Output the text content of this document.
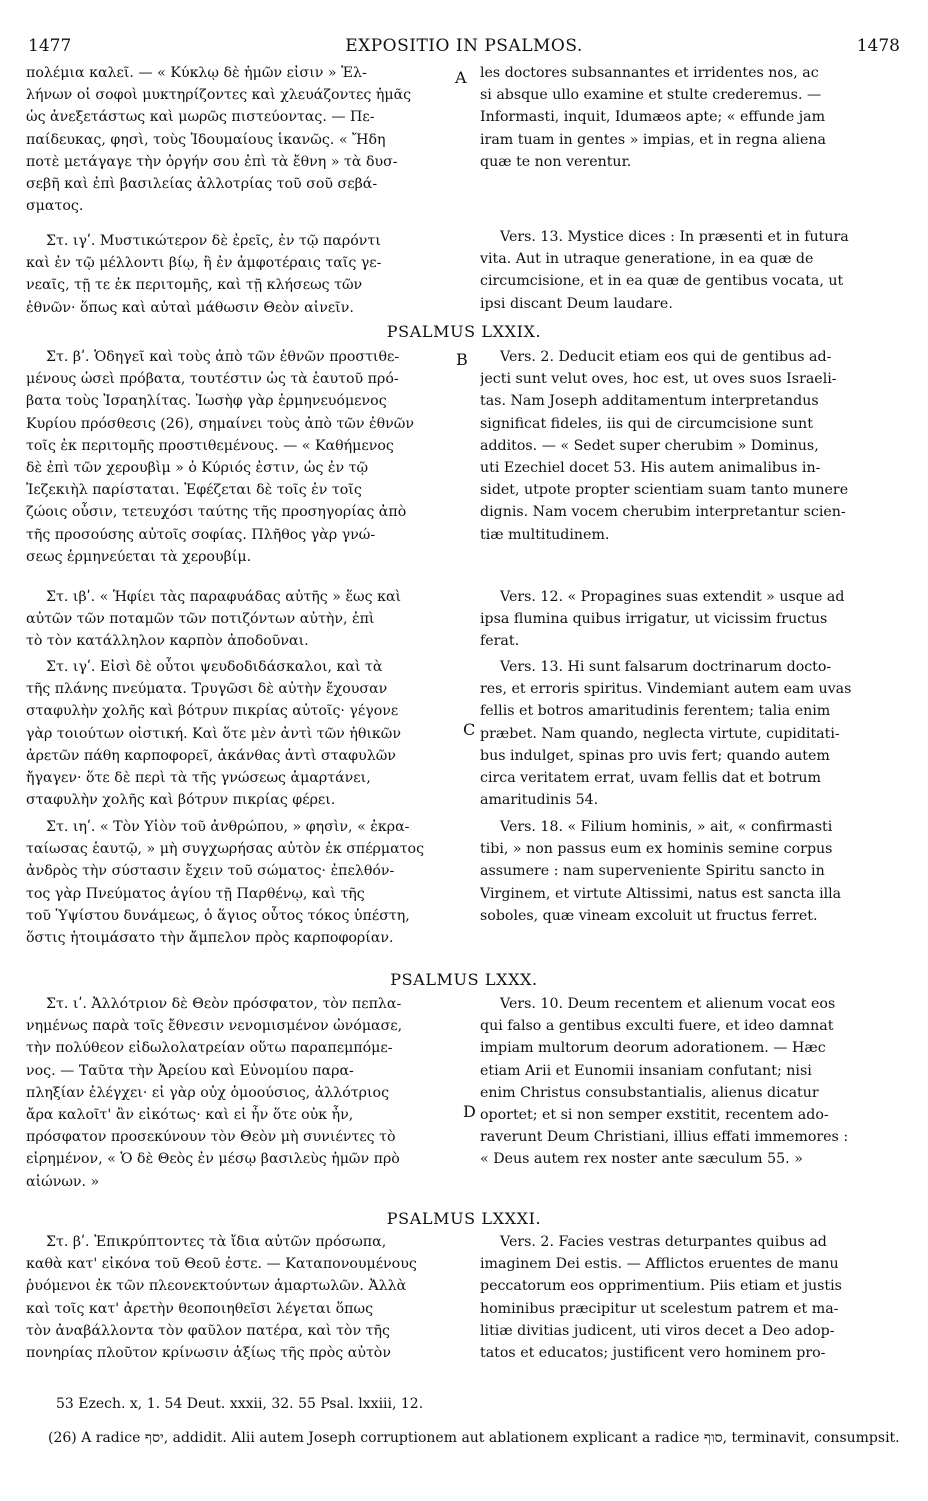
1477	EXPOSITIO IN PSALMOS.	1478
A
B
C
D
PSALMUS LXXIX.
PSALMUS LXXX.
PSALMUS LXXXI.
πολέμια καλεῖ. — « Κύκλῳ δὲ ἡμῶν εἰσιν » Ἑλ-
λήνων οἱ σοφοὶ μυκτηρίζοντες καὶ χλευάζοντες ἡμᾶς
ὡς ἀνεξετάστως καὶ μωρῶς πιστεύοντας. — Πε-
παίδευκας, φησὶ, τοὺς Ἰδουμαίους ἱκανῶς. « Ἤδη
ποτὲ μετάγαγε τὴν ὀργήν σου ἐπὶ τὰ ἔθνη » τὰ δυσ-
σεβῆ καὶ ἐπὶ βασιλείας ἀλλοτρίας τοῦ σοῦ σεβά-
σματος.
Στ. ιγʹ. Μυστικώτερον δὲ ἐρεῖς, ἐν τῷ παρόντι
καὶ ἐν τῷ μέλλοντι βίῳ, ἢ ἐν ἀμφοτέραις ταῖς γε-
νεαῖς, τῇ τε ἐκ περιτομῆς, καὶ τῇ κλήσεως τῶν
ἐθνῶν· ὅπως καὶ αὐταὶ μάθωσιν Θεὸν αἰνεῖν.
Στ. βʹ. Ὁδηγεῖ καὶ τοὺς ἀπὸ τῶν ἐθνῶν προστιθε-
μένους ὡσεὶ πρόβατα, τουτέστιν ὡς τὰ ἑαυτοῦ πρό-
βατα τοὺς Ἰσραηλίτας. Ἰωσὴφ γὰρ ἑρμηνευόμενος
Κυρίου πρόσθεσις (26), σημαίνει τοὺς ἀπὸ τῶν ἐθνῶν
τοῖς ἐκ περιτομῆς προστιθεμένους. — « Καθήμενος
δὲ ἐπὶ τῶν χερουβὶμ » ὁ Κύριός ἐστιν, ὡς ἐν τῷ
Ἰεζεκιὴλ παρίσταται. Ἐφέζεται δὲ τοῖς ἐν τοῖς
ζώοις οὖσιν, τετευχόσι ταύτης τῆς προσηγορίας ἀπὸ
τῆς προσούσης αὐτοῖς σοφίας. Πλῆθος γὰρ γνώ-
σεως ἑρμηνεύεται τὰ χερουβίμ.
Στ. ιβʹ. « Ἡφίει τὰς παραφυάδας αὐτῆς » ἕως καὶ
αὐτῶν τῶν ποταμῶν τῶν ποτιζόντων αὐτὴν, ἐπὶ
τὸ τὸν κατάλληλον καρπὸν ἀποδοῦναι.
Στ. ιγʹ. Εἰσὶ δὲ οὗτοι ψευδοδιδάσκαλοι, καὶ τὰ
τῆς πλάνης πνεύματα. Τρυγῶσι δὲ αὐτὴν ἔχουσαν
σταφυλὴν χολῆς καὶ βότρυν πικρίας αὐτοῖς· γέγονε
γὰρ τοιούτων οἰστική. Καὶ ὅτε μὲν ἀντὶ τῶν ἠθικῶν
ἀρετῶν πάθη καρποφορεῖ, ἀκάνθας ἀντὶ σταφυλῶν
ἤγαγεν· ὅτε δὲ περὶ τὰ τῆς γνώσεως ἁμαρτάνει,
σταφυλὴν χολῆς καὶ βότρυν πικρίας φέρει.
Στ. ιηʹ. « Τὸν Υἱὸν τοῦ ἀνθρώπου, » φησὶν, « ἐκρα-
ταίωσας ἑαυτῷ, » μὴ συγχωρήσας αὐτὸν ἐκ σπέρματος
ἀνδρὸς τὴν σύστασιν ἔχειν τοῦ σώματος· ἐπελθόν-
τος γὰρ Πνεύματος ἁγίου τῇ Παρθένῳ, καὶ τῆς
τοῦ Ὑψίστου δυνάμεως, ὁ ἅγιος οὗτος τόκος ὑπέστη,
ὅστις ἡτοιμάσατο τὴν ἄμπελον πρὸς καρποφορίαν.
Στ. ιʹ. Ἀλλότριον δὲ Θεὸν πρόσφατον, τὸν πεπλα-
νημένως παρὰ τοῖς ἔθνεσιν νενομισμένον ὠνόμασε,
τὴν πολύθεον εἰδωλολατρείαν οὕτω παραπεμπόμε-
νος. — Ταῦτα τὴν Ἀρείου καὶ Εὐνομίου παρα-
πληξίαν ἐλέγχει· εἰ γὰρ οὐχ ὁμοούσιος, ἀλλότριος
ἄρα καλοῖτ' ἂν εἰκότως· καὶ εἰ ἦν ὅτε οὐκ ἦν,
πρόσφατον προσεκύνουν τὸν Θεὸν μὴ συνιέντες τὸ
εἰρημένον, « Ὁ δὲ Θεὸς ἐν μέσῳ βασιλεὺς ἡμῶν πρὸ
αἰώνων. »
Στ. βʹ. Ἐπικρύπτοντες τὰ ἴδια αὐτῶν πρόσωπα,
καθὰ κατ' εἰκόνα τοῦ Θεοῦ ἐστε. — Καταπονουμένους
ῥυόμενοι ἐκ τῶν πλεονεκτούντων ἁμαρτωλῶν. Ἀλλὰ
καὶ τοῖς κατ' ἀρετὴν θεοποιηθεῖσι λέγεται ὅπως
τὸν ἀναβάλλοντα τὸν φαῦλον πατέρα, καὶ τὸν τῆς
πονηρίας πλοῦτον κρίνωσιν ἀξίως τῆς πρὸς αὐτὸν
les doctores subsannantes et irridentes nos, ac
si absque ullo examine et stulte crederemus. —
Informasti, inquit, Idumæos apte; « effunde jam
iram tuam in gentes » impias, et in regna aliena
quæ te non verentur.
Vers. 13. Mystice dices : In præsenti et in futura
vita. Aut in utraque generatione, in ea quæ de
circumcisione, et in ea quæ de gentibus vocata, ut
ipsi discant Deum laudare.
Vers. 2. Deducit etiam eos qui de gentibus ad-
jecti sunt velut oves, hoc est, ut oves suos Israeli-
tas. Nam Joseph additamentum interpretandus
significat fideles, iis qui de circumcisione sunt
additos. — « Sedet super cherubim » Dominus,
uti Ezechiel docet 53. His autem animalibus in-
sidet, utpote propter scientiam suam tanto munere
dignis. Nam vocem cherubim interpretantur scien-
tiæ multitudinem.
Vers. 12. « Propagines suas extendit » usque ad
ipsa flumina quibus irrigatur, ut vicissim fructus
ferat.
Vers. 13. Hi sunt falsarum doctrinarum docto-
res, et erroris spiritus. Vindemiant autem eam uvas
fellis et botros amaritudinis ferentem; talia enim
præbet. Nam quando, neglecta virtute, cupiditati-
bus indulget, spinas pro uvis fert; quando autem
circa veritatem errat, uvam fellis dat et botrum
amaritudinis 54.
Vers. 18. « Filium hominis, » ait, « confirmasti
tibi, » non passus eum ex hominis semine corpus
assumere : nam superveniente Spiritu sancto in
Virginem, et virtute Altissimi, natus est sancta illa
soboles, quæ vineam excoluit ut fructus ferret.
Vers. 10. Deum recentem et alienum vocat eos
qui falso a gentibus exculti fuere, et ideo damnat
impiam multorum deorum adorationem. — Hæc
etiam Arii et Eunomii insaniam confutant; nisi
enim Christus consubstantialis, alienus dicatur
oportet; et si non semper exstitit, recentem ado-
raverunt Deum Christiani, illius effati immemores :
« Deus autem rex noster ante sæculum 55. »
Vers. 2. Facies vestras deturpantes quibus ad
imaginem Dei estis. — Afflictos eruentes de manu
peccatorum eos opprimentium. Piis etiam et justis
hominibus præcipitur ut scelestum patrem et ma-
litiæ divitias judicent, uti viros decet a Deo adop-
tatos et educatos; justificent vero hominem pro-
53 Ezech. x, 1. 54 Deut. xxxii, 32. 55 Psal. lxxiii, 12.
(26) A radice יסף, addidit. Alii autem Joseph corruptionem aut ablationem explicant a radice סוף, terminavit, consumpsit.
